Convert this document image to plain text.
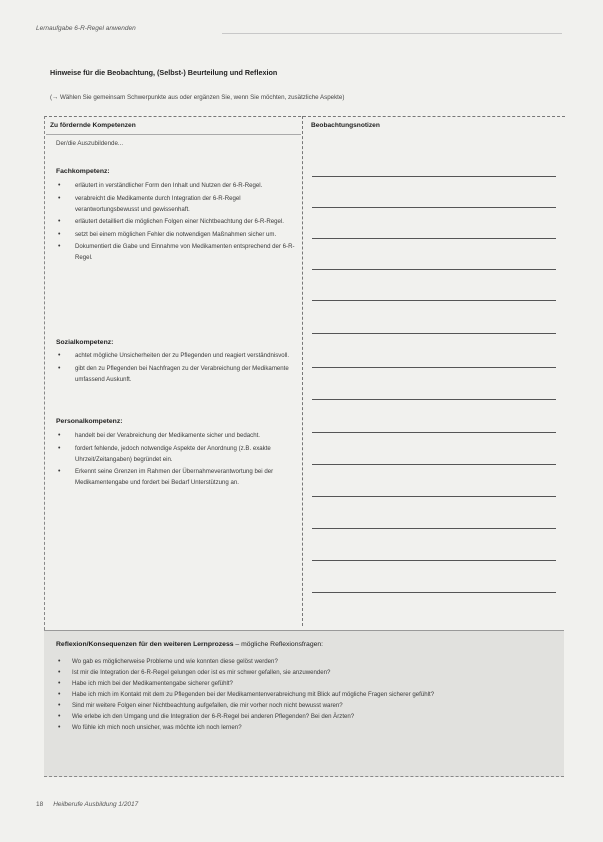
Lernaufgabe 6-R-Regel anwenden
Hinweise für die Beobachtung, (Selbst-) Beurteilung und Reflexion
(→ Wählen Sie gemeinsam Schwerpunkte aus oder ergänzen Sie, wenn Sie möchten, zusätzliche Aspekte)
Zu fördernde Kompetenzen	Beobachtungsnotizen
Der/die Auszubildende...
Fachkompetenz:
• erläutert in verständlicher Form den Inhalt und Nutzen der 6-R-Regel.
• verabreicht die Medikamente durch Integration der 6-R-Regel verantwortungsbewusst und gewissenhaft.
• erläutert detailliert die möglichen Folgen einer Nichtbeachtung der 6-R-Regel.
• setzt bei einem möglichen Fehler die notwendigen Maßnahmen sicher um.
• Dokumentiert die Gabe und Einnahme von Medikamenten entsprechend der 6-R-Regel.
Sozialkompetenz:
• achtet mögliche Unsicherheiten der zu Pflegenden und reagiert verständnisvoll.
• gibt den zu Pflegenden bei Nachfragen zu der Verabreichung der Medikamente umfassend Auskunft.
Personalkompetenz:
• handelt bei der Verabreichung der Medikamente sicher und bedacht.
• fordert fehlende, jedoch notwendige Aspekte der Anordnung (z.B. exakte Uhrzeit/Zeitangaben) begründet ein.
• Erkennt seine Grenzen im Rahmen der Übernahmeverantwortung bei der Medikamentengabe und fordert bei Bedarf Unterstützung an.
Reflexion/Konsequenzen für den weiteren Lernprozess – mögliche Reflexionsfragen:
• Wo gab es möglicherweise Probleme und wie konnten diese gelöst werden?
• Ist mir die Integration der 6-R-Regel gelungen oder ist es mir schwer gefallen, sie anzuwenden?
• Habe ich mich bei der Medikamentengabe sicherer gefühlt?
• Habe ich mich im Kontakt mit dem zu Pflegenden bei der Medikamentenverabreichung mit Blick auf mögliche Fragen sicherer gefühlt?
• Sind mir weitere Folgen einer Nichtbeachtung aufgefallen, die mir vorher noch nicht bewusst waren?
• Wie erlebe ich den Umgang und die Integration der 6-R-Regel bei anderen Pflegenden? Bei den Ärzten?
• Wo fühle ich mich noch unsicher, was möchte ich noch lernen?
18 Heilberufe Ausbildung 1/2017
